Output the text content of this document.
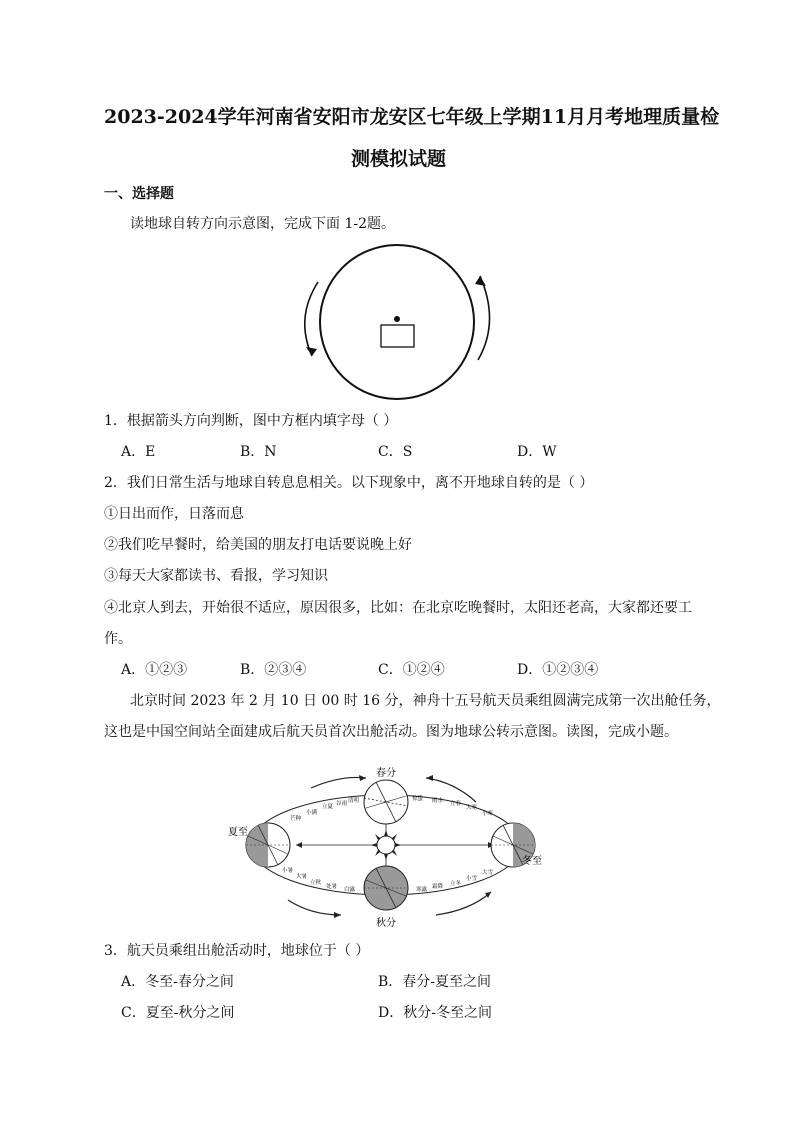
2023-2024学年河南省安阳市龙安区七年级上学期11月月考地理质量检
测模拟试题
一、选择题
读地球自转方向示意图，完成下面 1-2题。
1．根据箭头方向判断，图中方框内填字母（ ）
A．E	B．N	C．S	D．W
2．我们日常生活与地球自转息息相关。以下现象中，离不开地球自转的是（ ）
①日出而作，日落而息
②我们吃早餐时，给美国的朋友打电话要说晚上好
③每天大家都读书、看报，学习知识
④北京人到去，开始很不适应，原因很多，比如：在北京吃晚餐时，太阳还老高，大家都还要工
作。
A．①②③	B．②③④	C．①②④	D．①②③④
北京时间 2023 年 2 月 10 日 00 时 16 分，神舟十五号航天员乘组圆满完成第一次出舱任务，
这也是中国空间站全面建成后航天员首次出舱活动。图为地球公转示意图。读图，完成小题。
春分
夏至
秋分
冬至
芒种
小满
立夏 谷雨 清明	惊蛰 雨水 立春
大寒
小寒
小暑
大暑
立秋
处暑 白露	寒露 霜降 立冬
小雪
大雪
3．航天员乘组出舱活动时，地球位于（ ）
A．冬至-春分之间	B．春分-夏至之间
C．夏至-秋分之间	D．秋分-冬至之间
